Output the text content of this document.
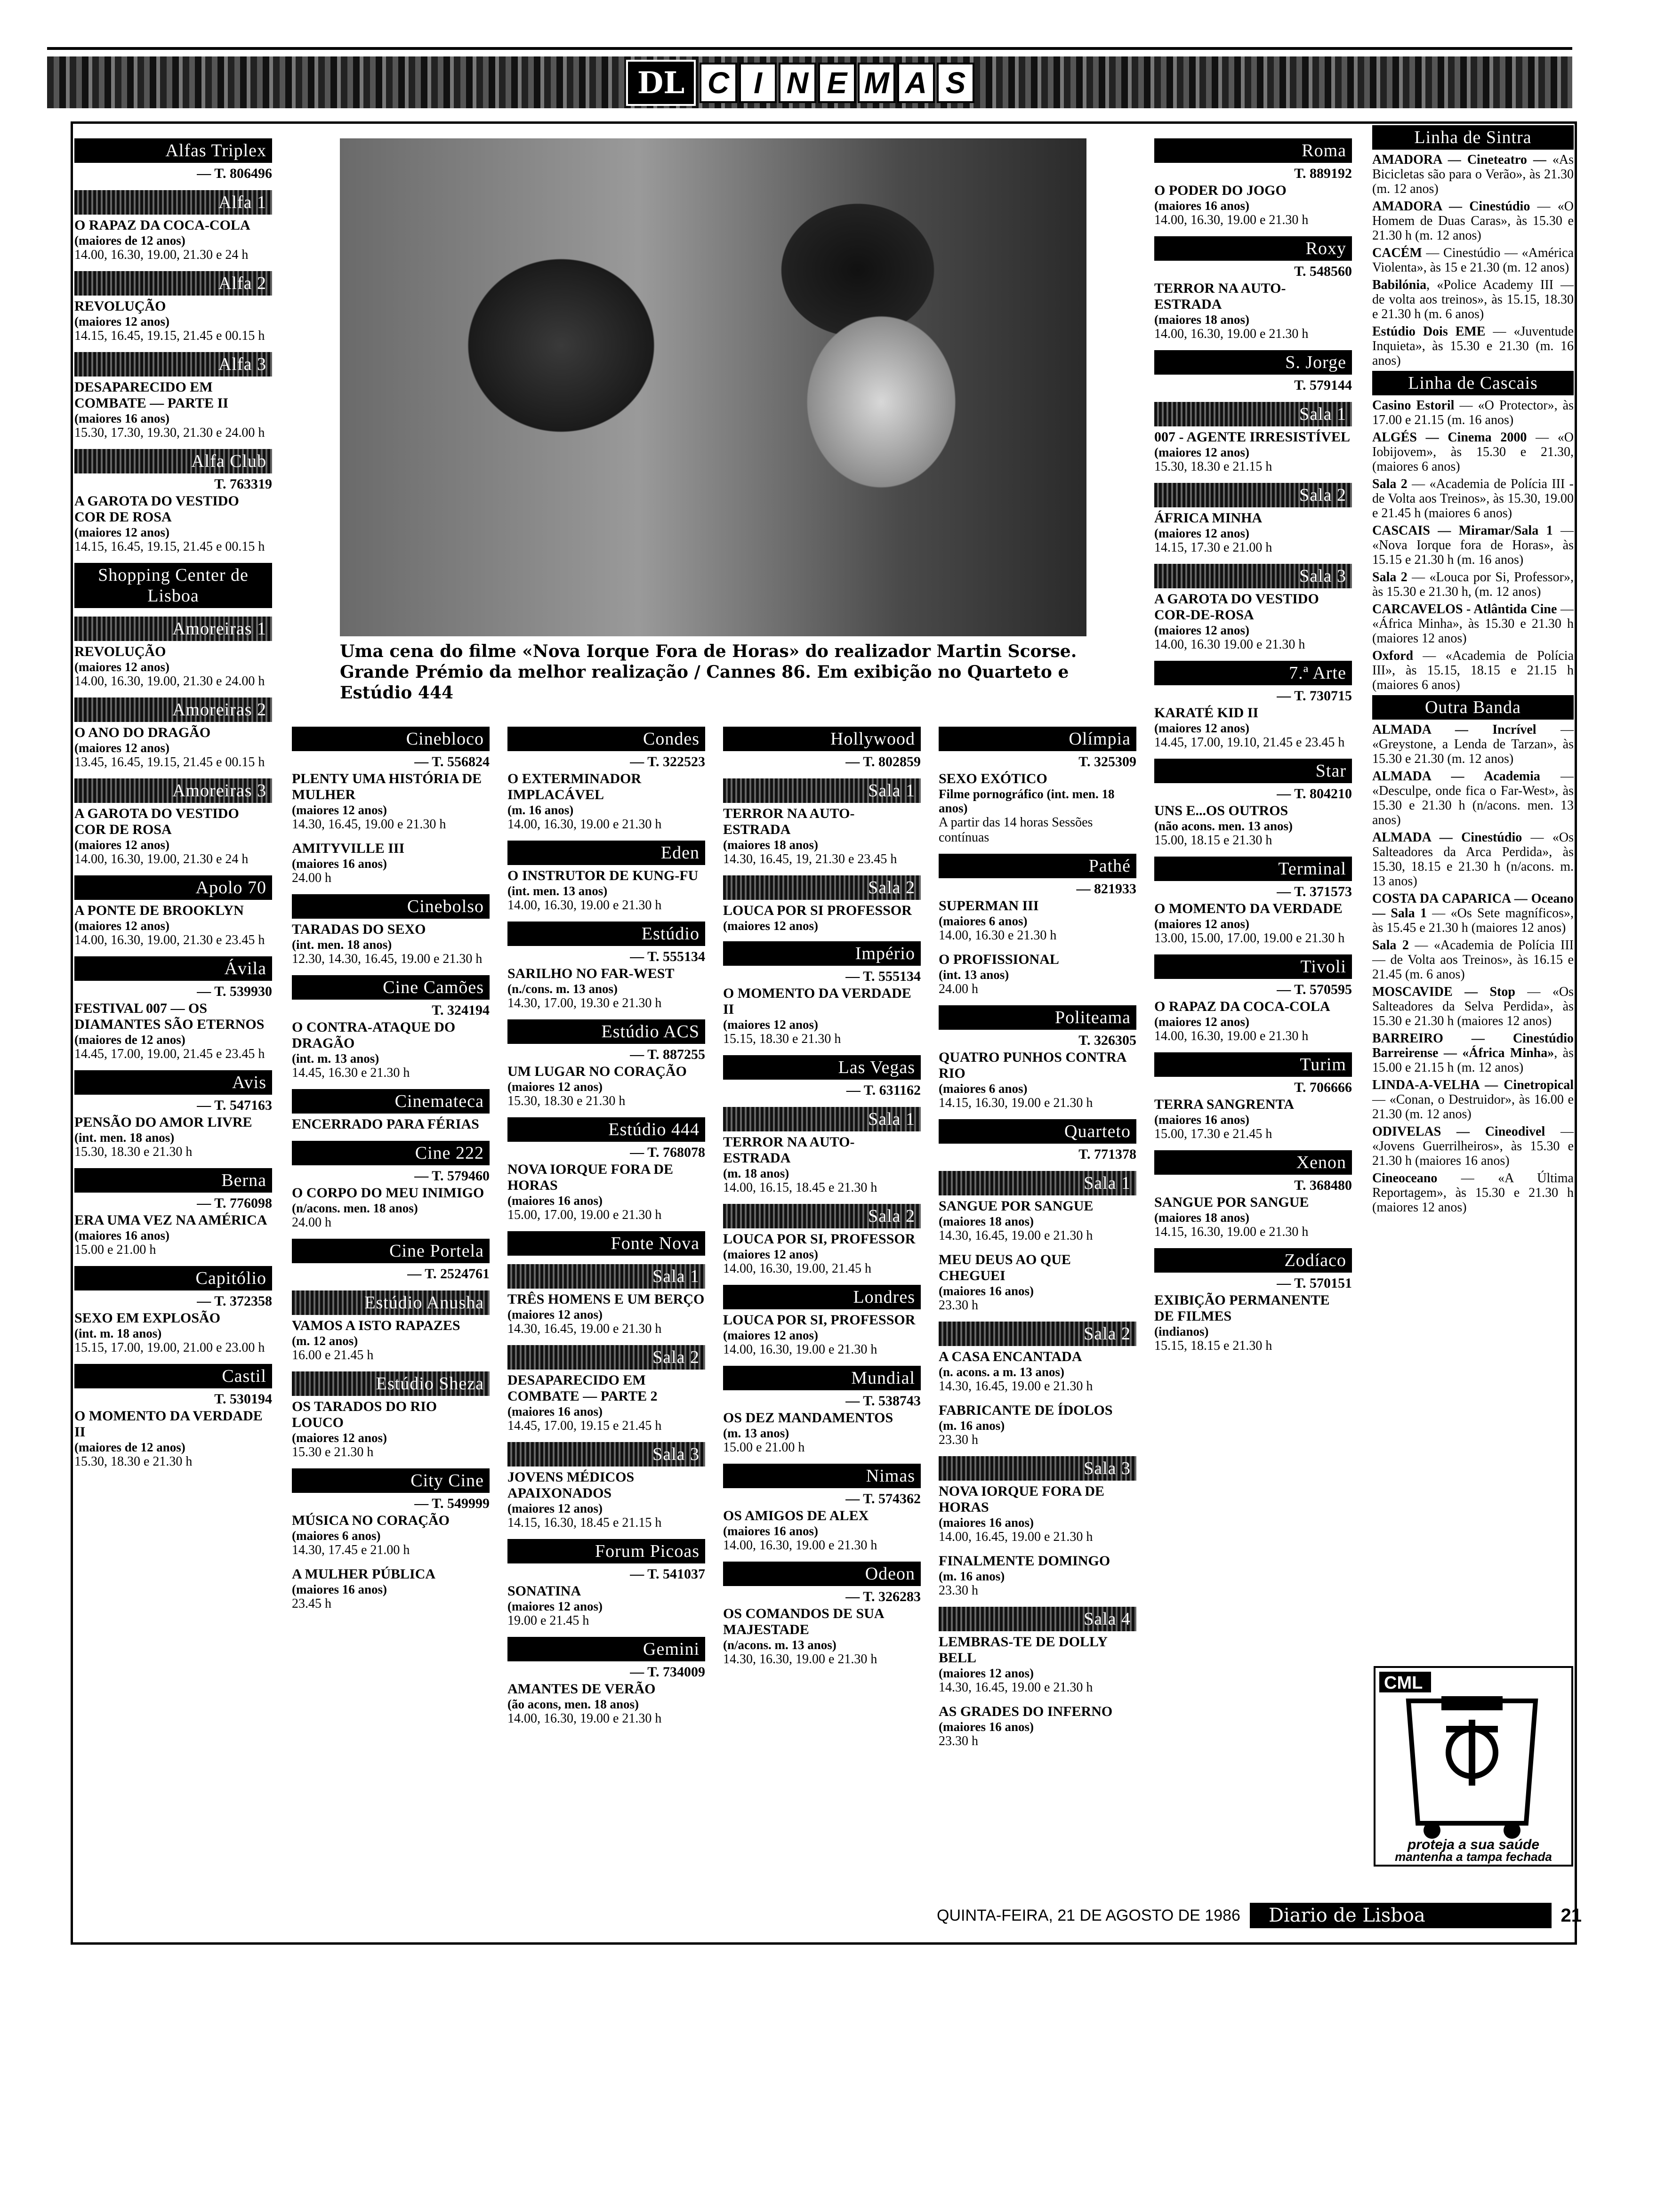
DL C I N E M A S
Alfas Triplex
— T. 806496
Alfa 1
O RAPAZ DA COCA-COLA
(maiores de 12 anos)
14.00, 16.30, 19.00, 21.30 e 24 h
Alfa 2
REVOLUÇÃO
(maiores 12 anos)
14.15, 16.45, 19.15, 21.45 e 00.15 h
Alfa 3
DESAPARECIDO EM COMBATE — PARTE II
(maiores 16 anos)
15.30, 17.30, 19.30, 21.30 e 24.00 h
Alfa Club
T. 763319
A GAROTA DO VESTIDO COR DE ROSA
(maiores 12 anos)
14.15, 16.45, 19.15, 21.45 e 00.15 h
Shopping Center de Lisboa
Amoreiras 1
REVOLUÇÃO
(maiores 12 anos)
14.00, 16.30, 19.00, 21.30 e 24.00 h
Amoreiras 2
O ANO DO DRAGÃO
(maiores 12 anos)
13.45, 16.45, 19.15, 21.45 e 00.15 h
Amoreiras 3
A GAROTA DO VESTIDO COR DE ROSA
(maiores 12 anos)
14.00, 16.30, 19.00, 21.30 e 24 h
Apolo 70
A PONTE DE BROOKLYN
(maiores 12 anos)
14.00, 16.30, 19.00, 21.30 e 23.45 h
Ávila
— T. 539930
FESTIVAL 007 — OS DIAMANTES SÃO ETERNOS
(maiores de 12 anos)
14.45, 17.00, 19.00, 21.45 e 23.45 h
Avis
— T. 547163
PENSÃO DO AMOR LIVRE
(int. men. 18 anos)
15.30, 18.30 e 21.30 h
Berna
— T. 776098
ERA UMA VEZ NA AMÉRICA
(maiores 16 anos)
15.00 e 21.00 h
Capitólio
— T. 372358
SEXO EM EXPLOSÃO
(int. m. 18 anos)
15.15, 17.00, 19.00, 21.00 e 23.00 h
Castil
T. 530194
O MOMENTO DA VERDADE II
(maiores de 12 anos)
15.30, 18.30 e 21.30 h
Uma cena do filme «Nova Iorque Fora de Horas» do realizador Martin Scorse. Grande Prémio da melhor realização / Cannes 86. Em exibição no Quarteto e Estúdio 444
Cinebloco
— T. 556824
PLENTY UMA HISTÓRIA DE MULHER
(maiores 12 anos)
14.30, 16.45, 19.00 e 21.30 h
AMITYVILLE III
(maiores 16 anos)
24.00 h
Cinebolso
TARADAS DO SEXO
(int. men. 18 anos)
12.30, 14.30, 16.45, 19.00 e 21.30 h
Cine Camões
T. 324194
O CONTRA-ATAQUE DO DRAGÃO
(int. m. 13 anos)
14.45, 16.30 e 21.30 h
Cinemateca
ENCERRADO PARA FÉRIAS
Cine 222
— T. 579460
O CORPO DO MEU INIMIGO
(n/acons. men. 18 anos)
24.00 h
Cine Portela
— T. 2524761
Estúdio Anusha
VAMOS A ISTO RAPAZES
(m. 12 anos)
16.00 e 21.45 h
Estúdio Sheza
OS TARADOS DO RIO LOUCO
(maiores 12 anos)
15.30 e 21.30 h
City Cine
— T. 549999
MÚSICA NO CORAÇÃO
(maiores 6 anos)
14.30, 17.45 e 21.00 h
A MULHER PÚBLICA
(maiores 16 anos)
23.45 h
Condes
— T. 322523
O EXTERMINADOR IMPLACÁVEL
(m. 16 anos)
14.00, 16.30, 19.00 e 21.30 h
Eden
O INSTRUTOR DE KUNG-FU
(int. men. 13 anos)
14.00, 16.30, 19.00 e 21.30 h
Estúdio
— T. 555134
SARILHO NO FAR-WEST
(n./cons. m. 13 anos)
14.30, 17.00, 19.30 e 21.30 h
Estúdio ACS
— T. 887255
UM LUGAR NO CORAÇÃO
(maiores 12 anos)
15.30, 18.30 e 21.30 h
Estúdio 444
— T. 768078
NOVA IORQUE FORA DE HORAS
(maiores 16 anos)
15.00, 17.00, 19.00 e 21.30 h
Fonte Nova
Sala 1
TRÊS HOMENS E UM BERÇO
(maiores 12 anos)
14.30, 16.45, 19.00 e 21.30 h
Sala 2
DESAPARECIDO EM COMBATE — PARTE 2
(maiores 16 anos)
14.45, 17.00, 19.15 e 21.45 h
Sala 3
JOVENS MÉDICOS APAIXONADOS
(maiores 12 anos)
14.15, 16.30, 18.45 e 21.15 h
Forum Picoas
— T. 541037
SONATINA
(maiores 12 anos)
19.00 e 21.45 h
Gemini
— T. 734009
AMANTES DE VERÃO
(ão acons, men. 18 anos)
14.00, 16.30, 19.00 e 21.30 h
Hollywood
— T. 802859
Sala 1
TERROR NA AUTO-ESTRADA
(maiores 18 anos)
14.30, 16.45, 19, 21.30 e 23.45 h
Sala 2
LOUCA POR SI PROFESSOR
(maiores 12 anos)
Império
— T. 555134
O MOMENTO DA VERDADE II
(maiores 12 anos)
15.15, 18.30 e 21.30 h
Las Vegas
— T. 631162
Sala 1
TERROR NA AUTO-ESTRADA
(m. 18 anos)
14.00, 16.15, 18.45 e 21.30 h
Sala 2
LOUCA POR SI, PROFESSOR
(maiores 12 anos)
14.00, 16.30, 19.00, 21.45 h
Londres
LOUCA POR SI, PROFESSOR
(maiores 12 anos)
14.00, 16.30, 19.00 e 21.30 h
Mundial
— T. 538743
OS DEZ MANDAMENTOS
(m. 13 anos)
15.00 e 21.00 h
Nimas
— T. 574362
OS AMIGOS DE ALEX
(maiores 16 anos)
14.00, 16.30, 19.00 e 21.30 h
Odeon
— T. 326283
OS COMANDOS DE SUA MAJESTADE
(n/acons. m. 13 anos)
14.30, 16.30, 19.00 e 21.30 h
Olímpia
T. 325309
SEXO EXÓTICO
Filme pornográfico (int. men. 18 anos)
A partir das 14 horas Sessões contínuas
Pathé
— 821933
SUPERMAN III
(maiores 6 anos)
14.00, 16.30 e 21.30 h
O PROFISSIONAL
(int. 13 anos)
24.00 h
Politeama
T. 326305
QUATRO PUNHOS CONTRA RIO
(maiores 6 anos)
14.15, 16.30, 19.00 e 21.30 h
Quarteto
T. 771378
Sala 1
SANGUE POR SANGUE
(maiores 18 anos)
14.30, 16.45, 19.00 e 21.30 h
MEU DEUS AO QUE CHEGUEI
(maiores 16 anos)
23.30 h
Sala 2
A CASA ENCANTADA
(n. acons. a m. 13 anos)
14.30, 16.45, 19.00 e 21.30 h
FABRICANTE DE ÍDOLOS
(m. 16 anos)
23.30 h
Sala 3
NOVA IORQUE FORA DE HORAS
(maiores 16 anos)
14.00, 16.45, 19.00 e 21.30 h
FINALMENTE DOMINGO
(m. 16 anos)
23.30 h
Sala 4
LEMBRAS-TE DE DOLLY BELL
(maiores 12 anos)
14.30, 16.45, 19.00 e 21.30 h
AS GRADES DO INFERNO
(maiores 16 anos)
23.30 h
Roma
T. 889192
O PODER DO JOGO
(maiores 16 anos)
14.00, 16.30, 19.00 e 21.30 h
Roxy
T. 548560
TERROR NA AUTO-ESTRADA
(maiores 18 anos)
14.00, 16.30, 19.00 e 21.30 h
S. Jorge
T. 579144
Sala 1
007 - AGENTE IRRESISTÍVEL
(maiores 12 anos)
15.30, 18.30 e 21.15 h
Sala 2
ÁFRICA MINHA
(maiores 12 anos)
14.15, 17.30 e 21.00 h
Sala 3
A GAROTA DO VESTIDO COR-DE-ROSA
(maiores 12 anos)
14.00, 16.30 19.00 e 21.30 h
7.ª Arte
— T. 730715
KARATÉ KID II
(maiores 12 anos)
14.45, 17.00, 19.10, 21.45 e 23.45 h
Star
— T. 804210
UNS E...OS OUTROS
(não acons. men. 13 anos)
15.00, 18.15 e 21.30 h
Terminal
— T. 371573
O MOMENTO DA VERDADE
(maiores 12 anos)
13.00, 15.00, 17.00, 19.00 e 21.30 h
Tivoli
— T. 570595
O RAPAZ DA COCA-COLA
(maiores 12 anos)
14.00, 16.30, 19.00 e 21.30 h
Turim
T. 706666
TERRA SANGRENTA
(maiores 16 anos)
15.00, 17.30 e 21.45 h
Xenon
T. 368480
SANGUE POR SANGUE
(maiores 18 anos)
14.15, 16.30, 19.00 e 21.30 h
Zodíaco
— T. 570151
EXIBIÇÃO PERMANENTE DE FILMES
(indianos)
15.15, 18.15 e 21.30 h
Linha de Sintra

AMADORA — Cineteatro — «As Bicicletas são para o Verão», às 21.30 (m. 12 anos)

AMADORA — Cinestúdio — «O Homem de Duas Caras», às 15.30 e 21.30 h (m. 12 anos)

CACÉM — Cinestúdio — «América Violenta», às 15 e 21.30 (m. 12 anos)

Babilónia, «Police Academy III — de volta aos treinos», às 15.15, 18.30 e 21.30 h (m. 6 anos)

Estúdio Dois EME — «Juventude Inquieta», às 15.30 e 21.30 (m. 16 anos)

Linha de Cascais

Casino Estoril — «O Protector», às 17.00 e 21.15 (m. 16 anos)

ALGÉS — Cinema 2000 — «O Iobijovem», às 15.30 e 21.30, (maiores 6 anos)

Sala 2 — «Academia de Polícia III - de Volta aos Treinos», às 15.30, 19.00 e 21.45 h (maiores 6 anos)

CASCAIS — Miramar/Sala 1 — «Nova Iorque fora de Horas», às 15.15 e 21.30 h (m. 16 anos)

Sala 2 — «Louca por Si, Professor», às 15.30 e 21.30 h, (m. 12 anos)

CARCAVELOS - Atlântida Cine — «África Minha», às 15.30 e 21.30 h (maiores 12 anos)

Oxford — «Academia de Polícia III», às 15.15, 18.15 e 21.15 h (maiores 6 anos)

Outra Banda

ALMADA — Incrível — «Greystone, a Lenda de Tarzan», às 15.30 e 21.30 (m. 12 anos)

ALMADA — Academia — «Desculpe, onde fica o Far-West», às 15.30 e 21.30 h (n/acons. men. 13 anos)

ALMADA — Cinestúdio — «Os Salteadores da Arca Perdida», às 15.30, 18.15 e 21.30 h (n/acons. m. 13 anos)

COSTA DA CAPARICA — Oceano — Sala 1 — «Os Sete magníficos», às 15.45 e 21.30 h (maiores 12 anos)

Sala 2 — «Academia de Polícia III — de Volta aos Treinos», às 16.15 e 21.45 (m. 6 anos)

MOSCAVIDE — Stop — «Os Salteadores da Selva Perdida», às 15.30 e 21.30 h (maiores 12 anos)

BARREIRO — Cinestúdio Barreirense — «África Minha», às 15.00 e 21.15 h (m. 12 anos)

LINDA-A-VELHA — Cinetropical — «Conan, o Destruidor», às 16.00 e 21.30 (m. 12 anos)

ODIVELAS — Cineodivel — «Jovens Guerrilheiros», às 15.30 e 21.30 h (maiores 16 anos)

Cineoceano — «A Última Reportagem», às 15.30 e 21.30 h (maiores 12 anos)

CML
proteja a sua saúde
mantenha a tampa fechada
QUINTA-FEIRA, 21 DE AGOSTO DE 1986	Diario de Lisboa	21
